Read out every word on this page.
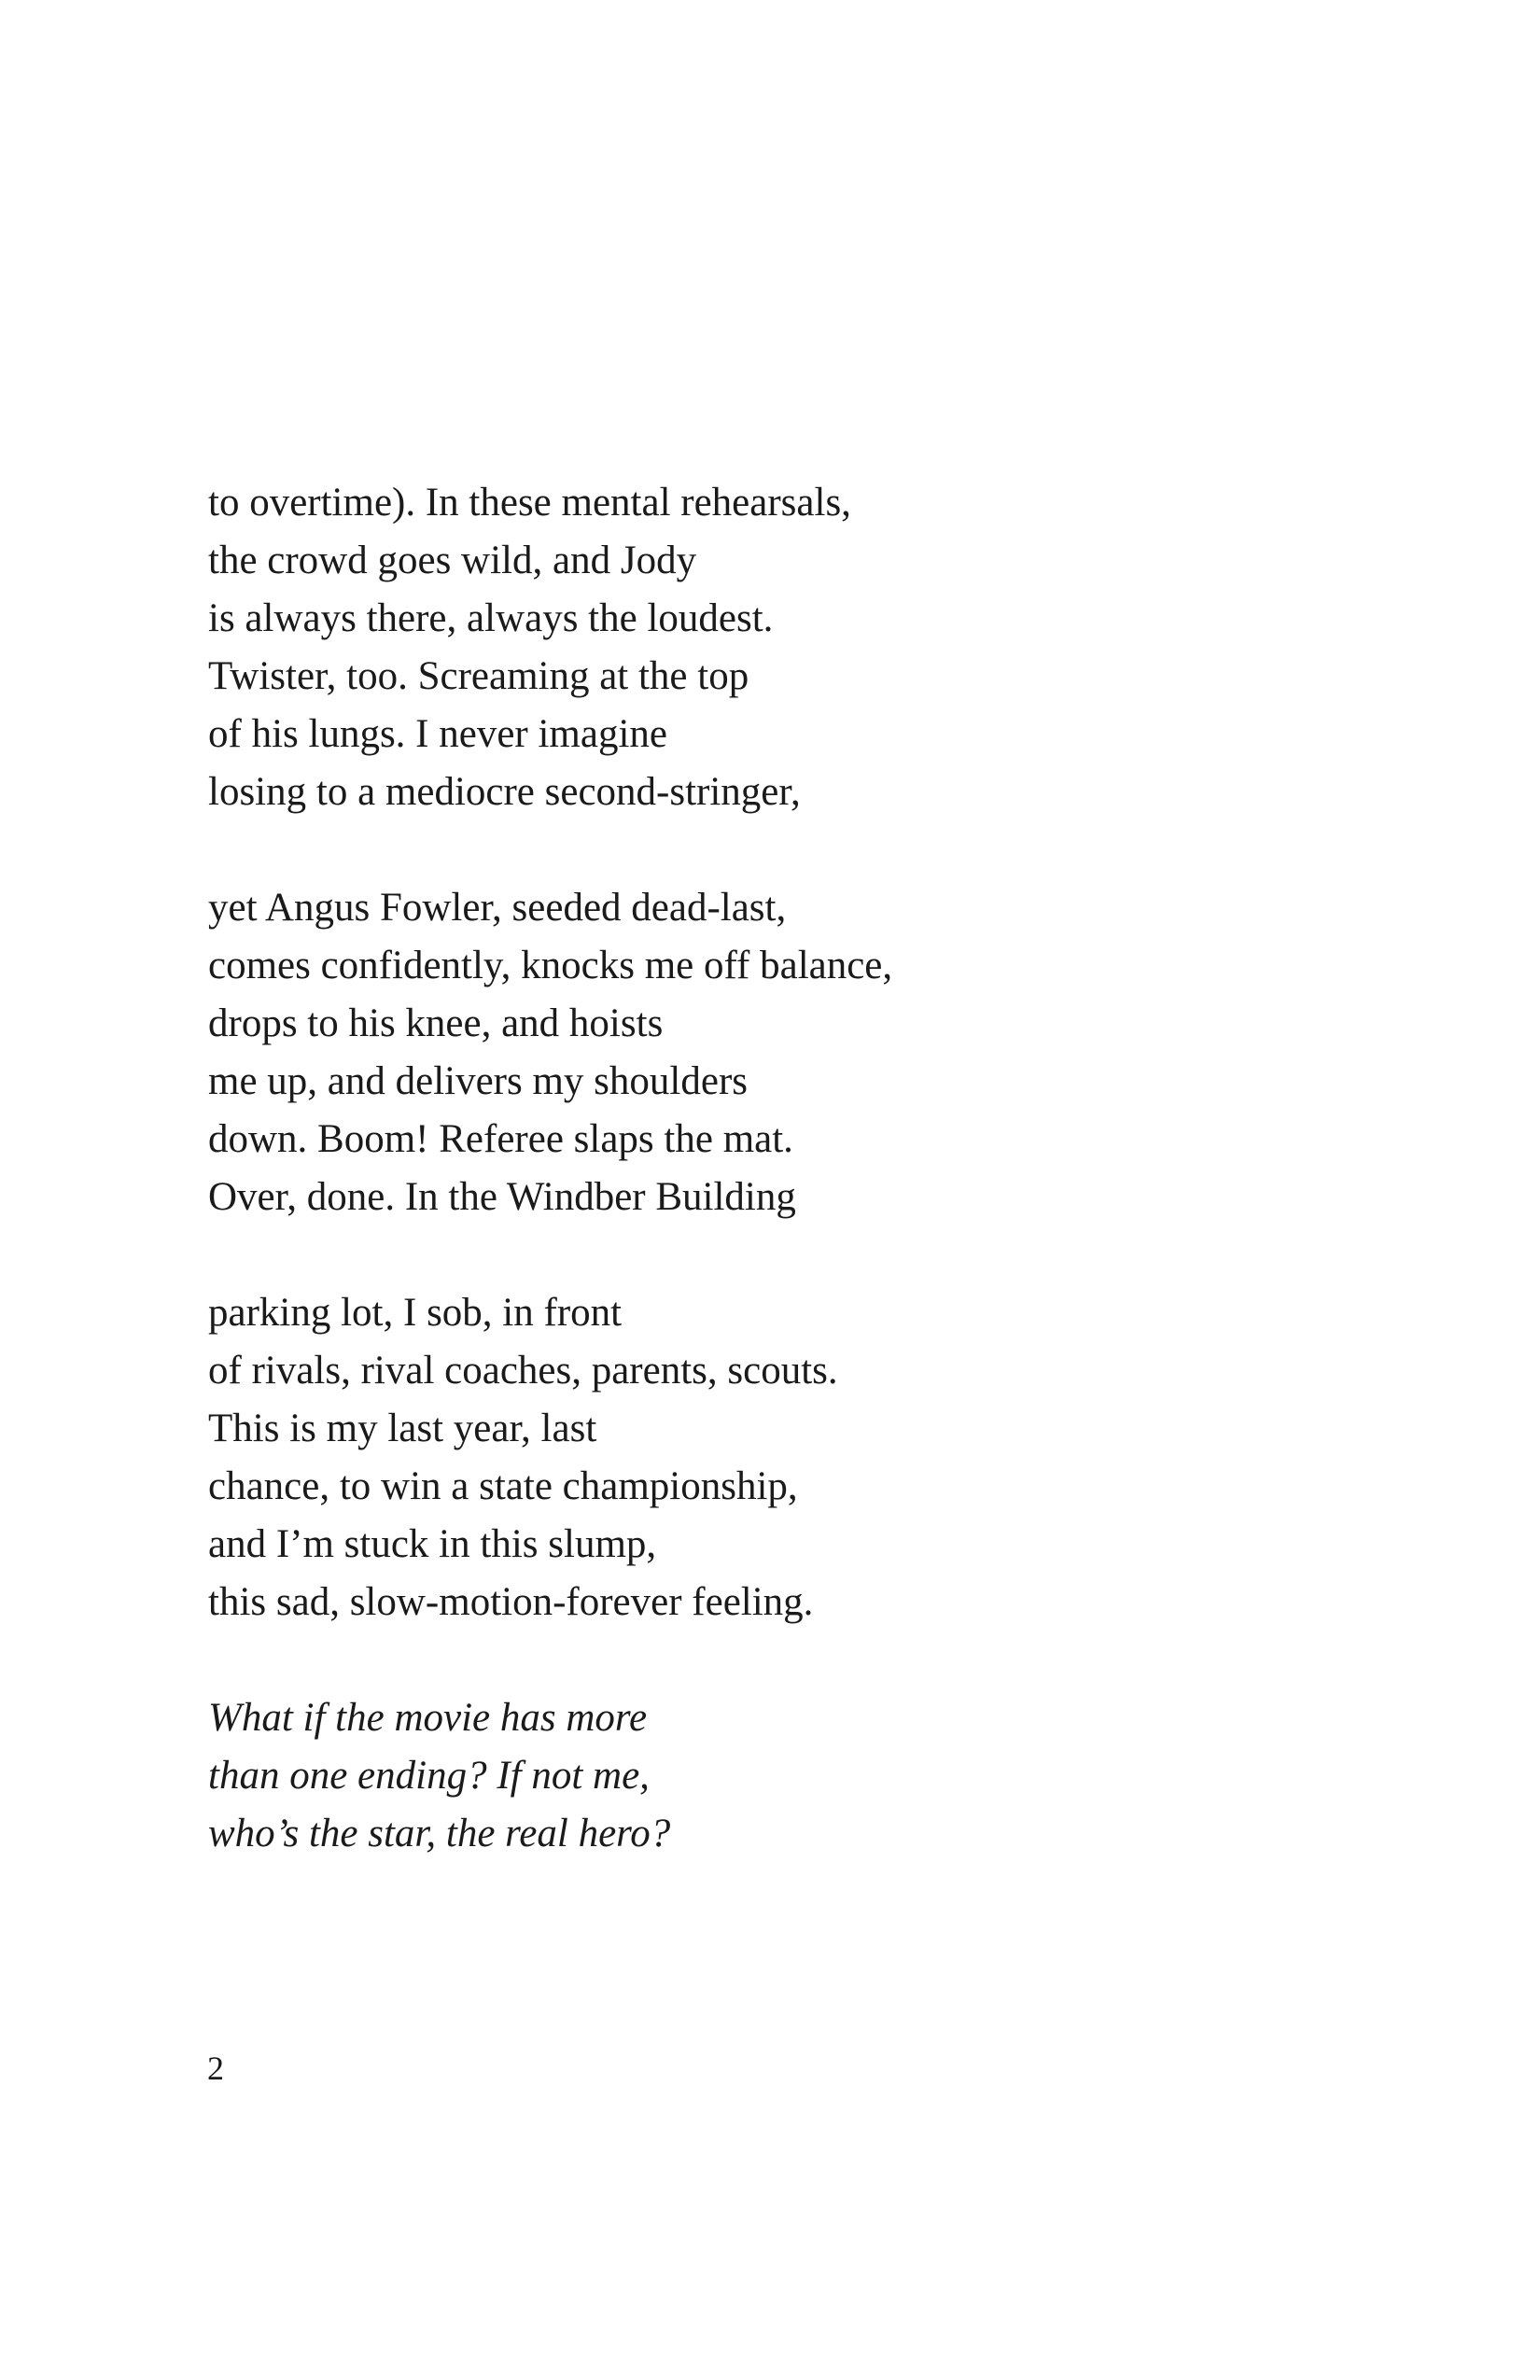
to overtime). In these mental rehearsals,
the crowd goes wild, and Jody
is always there, always the loudest.
Twister, too. Screaming at the top
of his lungs. I never imagine
losing to a mediocre second-stringer,
yet Angus Fowler, seeded dead-last,
comes confidently, knocks me off balance,
drops to his knee, and hoists
me up, and delivers my shoulders
down. Boom! Referee slaps the mat.
Over, done. In the Windber Building
parking lot, I sob, in front
of rivals, rival coaches, parents, scouts.
This is my last year, last
chance, to win a state championship,
and I’m stuck in this slump,
this sad, slow-motion-forever feeling.
What if the movie has more
than one ending? If not me,
who’s the star, the real hero?
2
